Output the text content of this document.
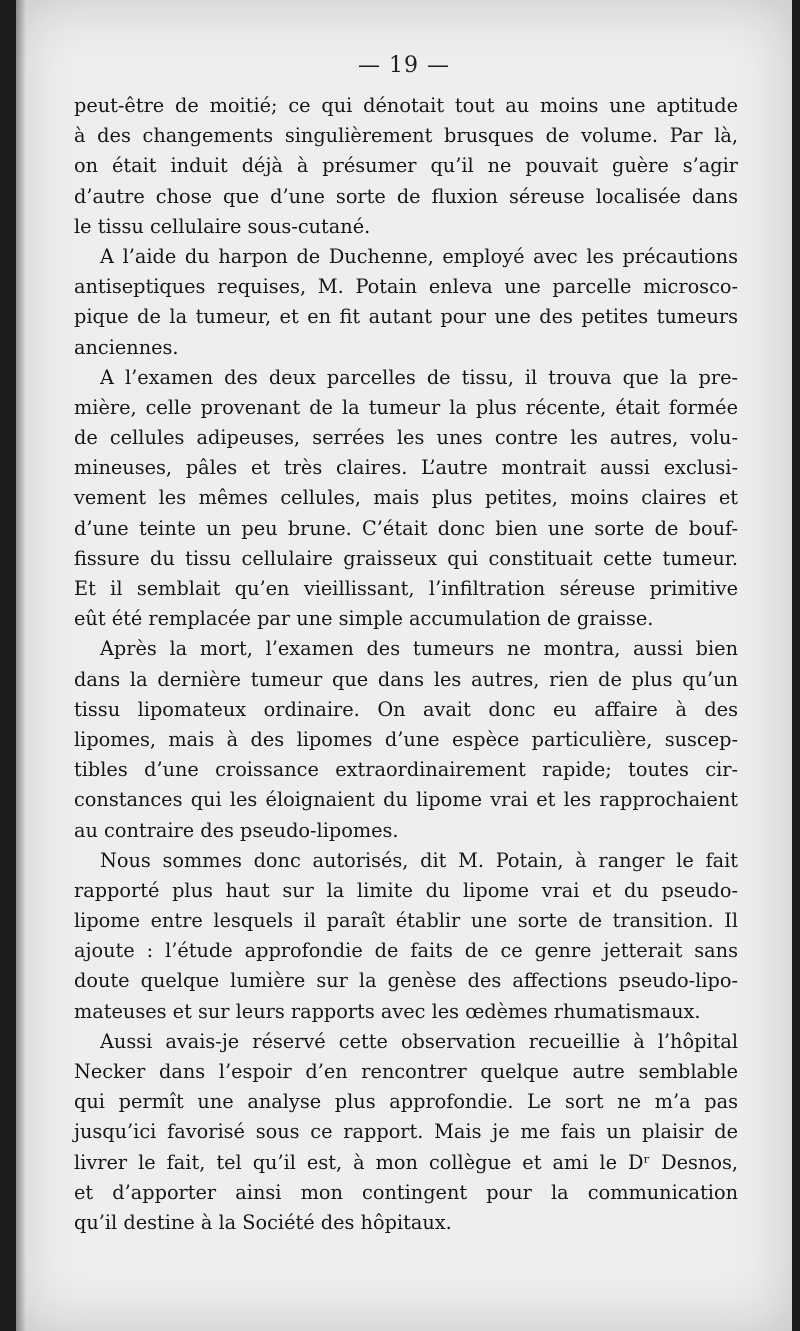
— 19 —
peut-être de moitié; ce qui dénotait tout au moins une aptitude
à des changements singulièrement brusques de volume. Par là,
on était induit déjà à présumer qu’il ne pouvait guère s’agir
d’autre chose que d’une sorte de fluxion séreuse localisée dans
le tissu cellulaire sous-cutané.
A l’aide du harpon de Duchenne, employé avec les précautions
antiseptiques requises, M. Potain enleva une parcelle microsco-
pique de la tumeur, et en fit autant pour une des petites tumeurs
anciennes.
A l’examen des deux parcelles de tissu, il trouva que la pre-
mière, celle provenant de la tumeur la plus récente, était formée
de cellules adipeuses, serrées les unes contre les autres, volu-
mineuses, pâles et très claires. L’autre montrait aussi exclusi-
vement les mêmes cellules, mais plus petites, moins claires et
d’une teinte un peu brune. C’était donc bien une sorte de bouf-
fissure du tissu cellulaire graisseux qui constituait cette tumeur.
Et il semblait qu’en vieillissant, l’infiltration séreuse primitive
eût été remplacée par une simple accumulation de graisse.
Après la mort, l’examen des tumeurs ne montra, aussi bien
dans la dernière tumeur que dans les autres, rien de plus qu’un
tissu lipomateux ordinaire. On avait donc eu affaire à des
lipomes, mais à des lipomes d’une espèce particulière, suscep-
tibles d’une croissance extraordinairement rapide; toutes cir-
constances qui les éloignaient du lipome vrai et les rapprochaient
au contraire des pseudo-lipomes.
Nous sommes donc autorisés, dit M. Potain, à ranger le fait
rapporté plus haut sur la limite du lipome vrai et du pseudo-
lipome entre lesquels il paraît établir une sorte de transition. Il
ajoute : l’étude approfondie de faits de ce genre jetterait sans
doute quelque lumière sur la genèse des affections pseudo-lipo-
mateuses et sur leurs rapports avec les œdèmes rhumatismaux.
Aussi avais-je réservé cette observation recueillie à l’hôpital
Necker dans l’espoir d’en rencontrer quelque autre semblable
qui permît une analyse plus approfondie. Le sort ne m’a pas
jusqu’ici favorisé sous ce rapport. Mais je me fais un plaisir de
livrer le fait, tel qu’il est, à mon collègue et ami le Dʳ Desnos,
et d’apporter ainsi mon contingent pour la communication
qu’il destine à la Société des hôpitaux.
